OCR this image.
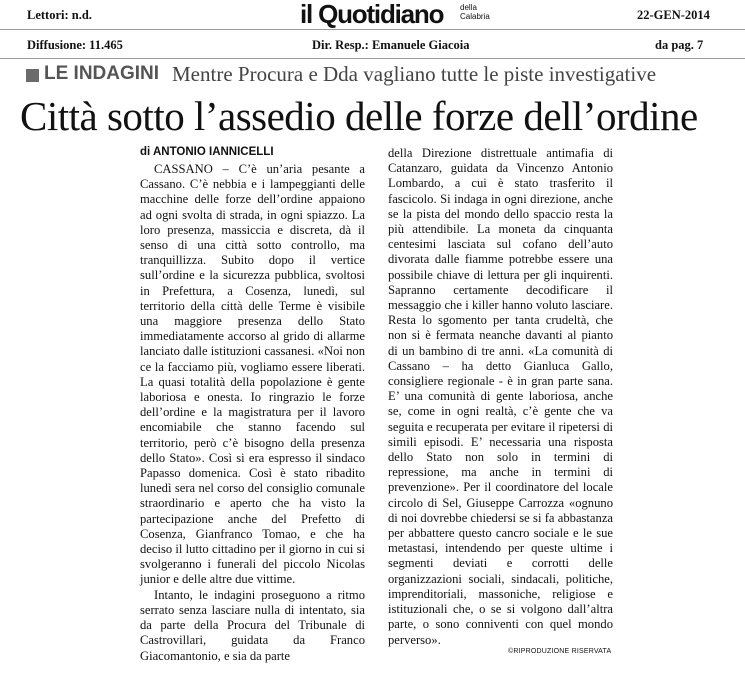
Lettori: n.d.
Diffusione: 11.465
il Quotidiano della Calabria
Dir. Resp.: Emanuele Giacoia
22-GEN-2014
da pag. 7
LE INDAGINI Mentre Procura e Dda vagliano tutte le piste investigative
Città sotto l’assedio delle forze dell’ordine
di ANTONIO IANNICELLI

CASSANO – C’è un’aria pesante a Cassano. C’è nebbia e i lampeggianti delle macchine delle forze dell’ordine appaiono ad ogni svolta di strada, in ogni spiazzo. La loro presenza, massiccia e discreta, dà il senso di una città sotto controllo, ma tranquillizza. Subito dopo il vertice sull’ordine e la sicurezza pubblica, svoltosi in Prefettura, a Cosenza, lunedì, sul territorio della città delle Terme è visibile una maggiore presenza dello Stato immediatamente accorso al grido di allarme lanciato dalle istituzioni cassanesi. «Noi non ce la facciamo più, vogliamo essere liberati. La quasi totalità della popolazione è gente laboriosa e onesta. Io ringrazio le forze dell’ordine e la magistratura per il lavoro encomiabile che stanno facendo sul territorio, però c’è bisogno della presenza dello Stato». Così si era espresso il sindaco Papasso domenica. Così è stato ribadito lunedì sera nel corso del consiglio comunale straordinario e aperto che ha visto la partecipazione anche del Prefetto di Cosenza, Gianfranco Tomao, e che ha deciso il lutto cittadino per il giorno in cui si svolgeranno i funerali del piccolo Nicolas junior e delle altre due vittime.

Intanto, le indagini proseguono a ritmo serrato senza lasciare nulla di intentato, sia da parte della Procura del Tribunale di Castrovillari, guidata da Franco Giacomantonio, e sia da parte

della Direzione distrettuale antimafia di Catanzaro, guidata da Vincenzo Antonio Lombardo, a cui è stato trasferito il fascicolo. Si indaga in ogni direzione, anche se la pista del mondo dello spaccio resta la più attendibile. La moneta da cinquanta centesimi lasciata sul cofano dell’auto divorata dalle fiamme potrebbe essere una possibile chiave di lettura per gli inquirenti. Sapranno certamente decodificare il messaggio che i killer hanno voluto lasciare. Resta lo sgomento per tanta crudeltà, che non si è fermata neanche davanti al pianto di un bambino di tre anni. «La comunità di Cassano – ha detto Gianluca Gallo, consigliere regionale - è in gran parte sana. E’ una comunità di gente laboriosa, anche se, come in ogni realtà, c’è gente che va seguita e recuperata per evitare il ripetersi di simili episodi. E’ necessaria una risposta dello Stato non solo in termini di repressione, ma anche in termini di prevenzione». Per il coordinatore del locale circolo di Sel, Giuseppe Carrozza «ognuno di noi dovrebbe chiedersi se si fa abbastanza per abbattere questo cancro sociale e le sue metastasi, intendendo per queste ultime i segmenti deviati e corrotti delle organizzazioni sociali, sindacali, politiche, imprenditoriali, massoniche, religiose e istituzionali che, o se si volgono dall’altra parte, o sono conniventi con quel mondo perverso».

©RIPRODUZIONE RISERVATA
